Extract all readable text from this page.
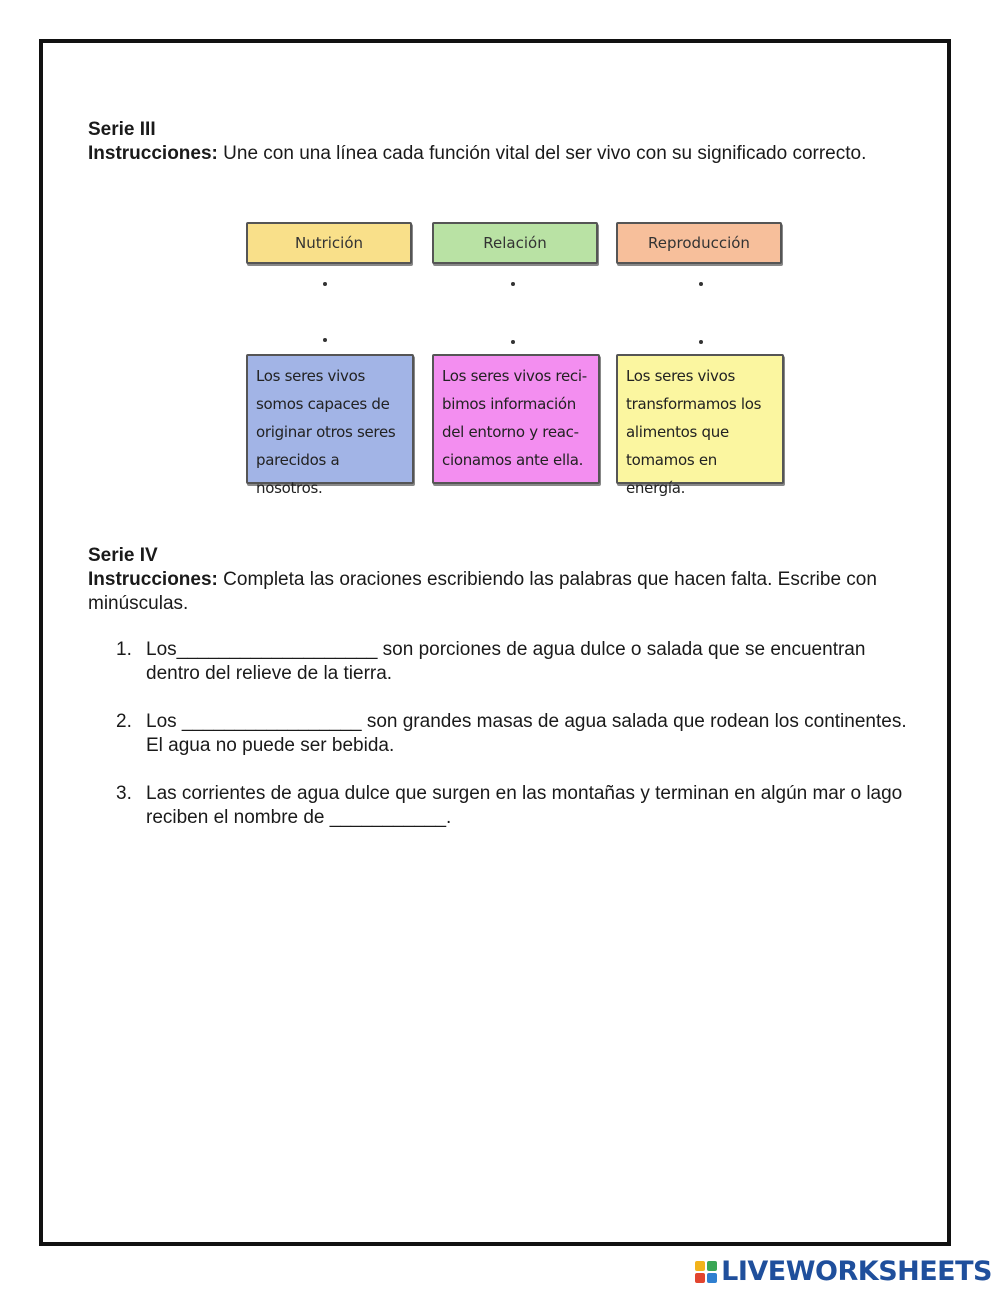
Serie III

Instrucciones: Une con una línea cada función vital del ser vivo con su significado correcto.

Nutrición	Relación	Reproducción
Los seres vivos
somos capaces de
originar otros seres
parecidos a nosotros.
Los seres vivos reci-
bimos información
del entorno y reac-
cionamos ante ella.
Los seres vivos
transformamos los
alimentos que
tomamos en energía.

Serie IV

Instrucciones: Completa las oraciones escribiendo las palabras que hacen falta. Escribe con minúsculas.

1. Los___________________ son porciones de agua dulce o salada que se encuentran dentro del relieve de la tierra.
2. Los _________________ son grandes masas de agua salada que rodean los continentes. El agua no puede ser bebida.
3. Las corrientes de agua dulce que surgen en las montañas y terminan en algún mar o lago reciben el nombre de ___________.
LIVEWORKSHEETS
